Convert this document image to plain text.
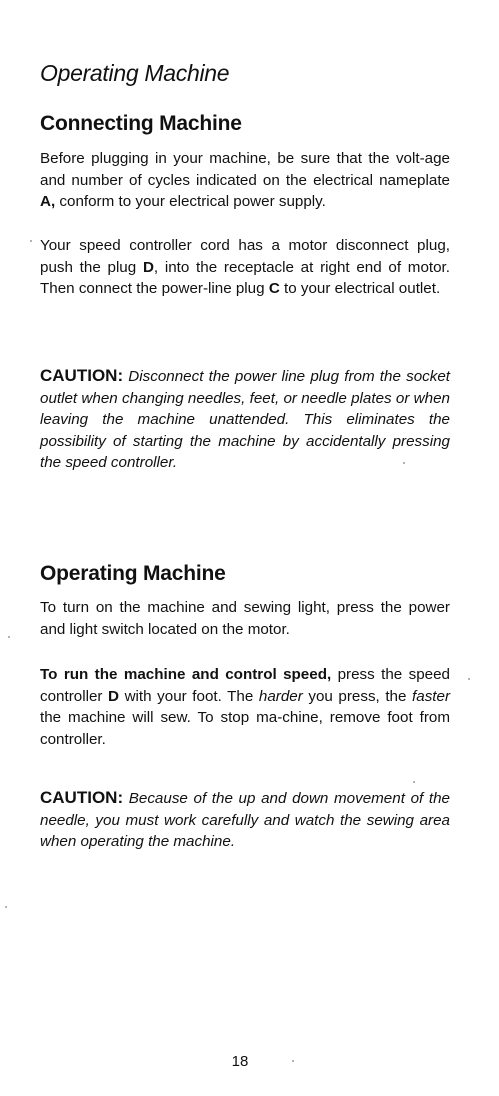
Operating Machine
Connecting Machine

Before plugging in your machine, be sure that the volt-age and number of cycles indicated on the electrical nameplate A, conform to your electrical power supply.

Your speed controller cord has a motor disconnect plug, push the plug D, into the receptacle at right end of motor. Then connect the power-line plug C to your electrical outlet.

CAUTION: Disconnect the power line plug from the socket outlet when changing needles, feet, or needle plates or when leaving the machine unattended. This eliminates the possibility of starting the machine by accidentally pressing the speed controller.

Operating Machine

To turn on the machine and sewing light, press the power and light switch located on the motor.

To run the machine and control speed, press the speed controller D with your foot. The harder you press, the faster the machine will sew. To stop ma-chine, remove foot from controller.

CAUTION: Because of the up and down movement of the needle, you must work carefully and watch the sewing area when operating the machine.

18
